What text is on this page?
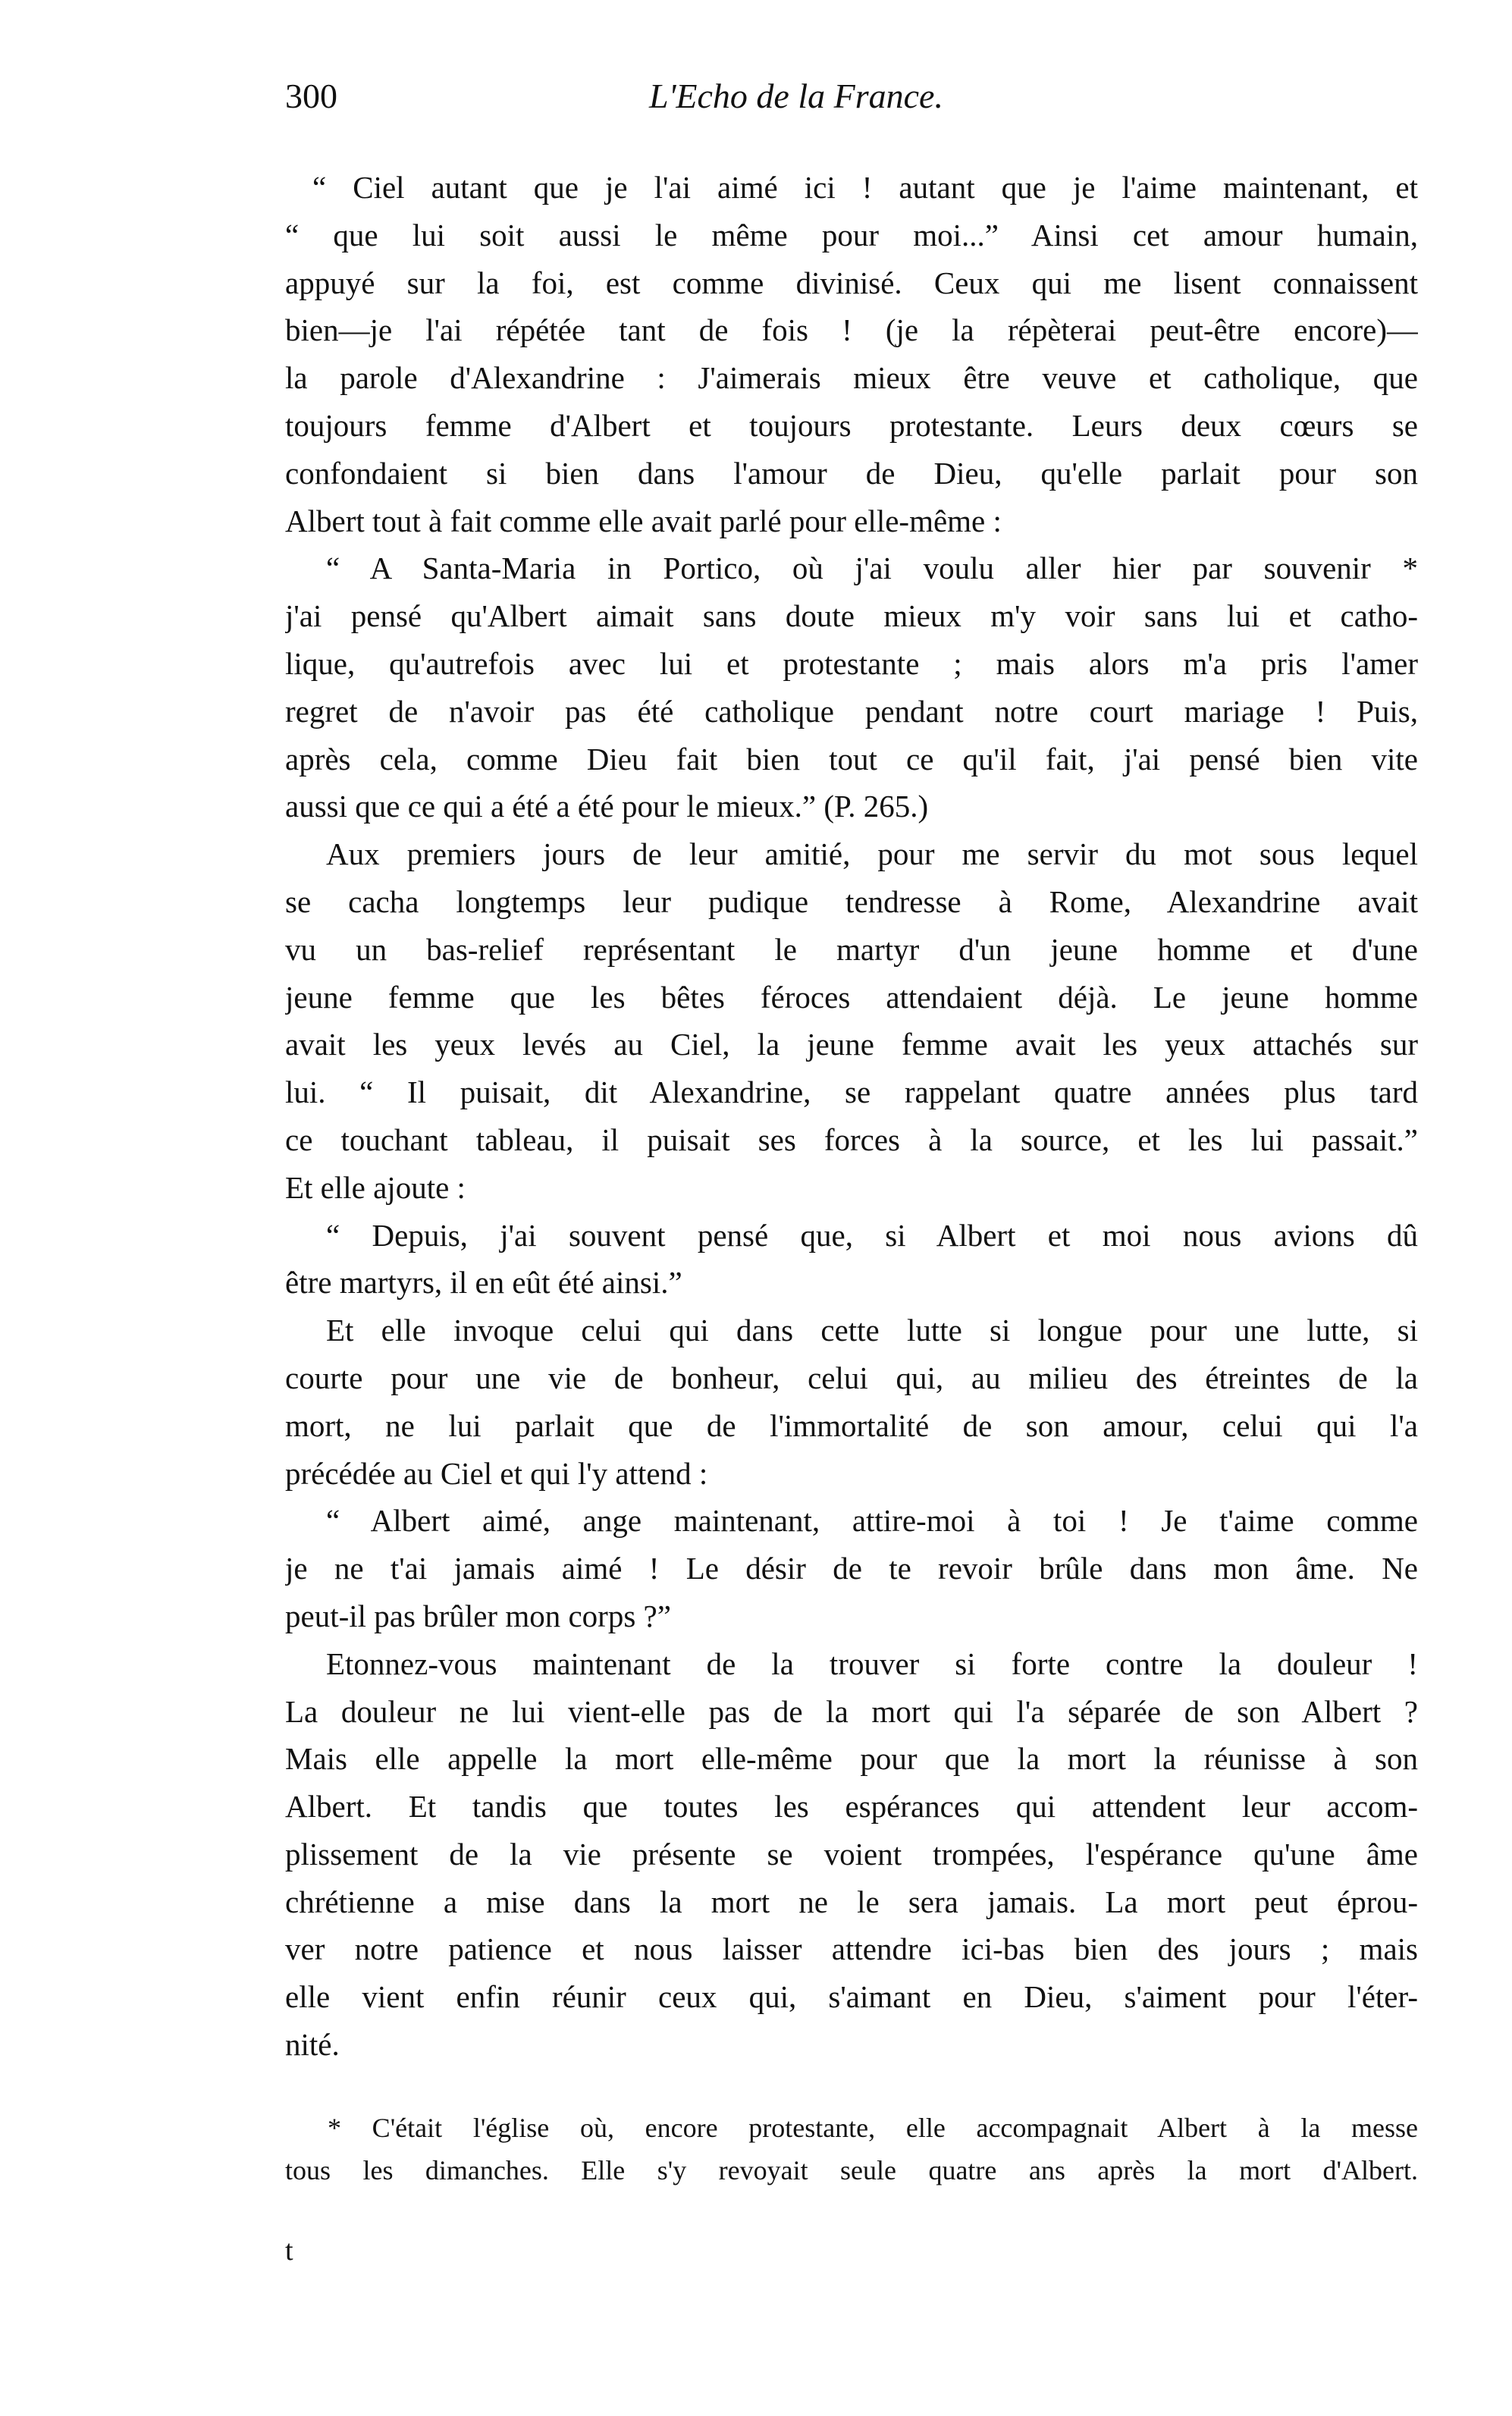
300	L'Echo de la France.
“ Ciel autant que je l'ai aimé ici ! autant que je l'aime maintenant, et
“ que lui soit aussi le même pour moi...” Ainsi cet amour humain,
appuyé sur la foi, est comme divinisé. Ceux qui me lisent connaissent
bien—je l'ai répétée tant de fois ! (je la répèterai peut-être encore)—
la parole d'Alexandrine : J'aimerais mieux être veuve et catholique, que
toujours femme d'Albert et toujours protestante. Leurs deux cœurs se
confondaient si bien dans l'amour de Dieu, qu'elle parlait pour son
Albert tout à fait comme elle avait parlé pour elle-même :
“ A Santa-Maria in Portico, où j'ai voulu aller hier par souvenir *
j'ai pensé qu'Albert aimait sans doute mieux m'y voir sans lui et catho-
lique, qu'autrefois avec lui et protestante ; mais alors m'a pris l'amer
regret de n'avoir pas été catholique pendant notre court mariage ! Puis,
après cela, comme Dieu fait bien tout ce qu'il fait, j'ai pensé bien vite
aussi que ce qui a été a été pour le mieux.” (P. 265.)
Aux premiers jours de leur amitié, pour me servir du mot sous lequel
se cacha longtemps leur pudique tendresse à Rome, Alexandrine avait
vu un bas-relief représentant le martyr d'un jeune homme et d'une
jeune femme que les bêtes féroces attendaient déjà. Le jeune homme
avait les yeux levés au Ciel, la jeune femme avait les yeux attachés sur
lui. “ Il puisait, dit Alexandrine, se rappelant quatre années plus tard
ce touchant tableau, il puisait ses forces à la source, et les lui passait.”
Et elle ajoute :
“ Depuis, j'ai souvent pensé que, si Albert et moi nous avions dû
être martyrs, il en eût été ainsi.”
Et elle invoque celui qui dans cette lutte si longue pour une lutte, si
courte pour une vie de bonheur, celui qui, au milieu des étreintes de la
mort, ne lui parlait que de l'immortalité de son amour, celui qui l'a
précédée au Ciel et qui l'y attend :
“ Albert aimé, ange maintenant, attire-moi à toi ! Je t'aime comme
je ne t'ai jamais aimé ! Le désir de te revoir brûle dans mon âme. Ne
peut-il pas brûler mon corps ?”
Etonnez-vous maintenant de la trouver si forte contre la douleur !
La douleur ne lui vient-elle pas de la mort qui l'a séparée de son Albert ?
Mais elle appelle la mort elle-même pour que la mort la réunisse à son
Albert. Et tandis que toutes les espérances qui attendent leur accom-
plissement de la vie présente se voient trompées, l'espérance qu'une âme
chrétienne a mise dans la mort ne le sera jamais. La mort peut éprou-
ver notre patience et nous laisser attendre ici-bas bien des jours ; mais
elle vient enfin réunir ceux qui, s'aimant en Dieu, s'aiment pour l'éter-
nité.
* C'était l'église où, encore protestante, elle accompagnait Albert à la messe
tous les dimanches. Elle s'y revoyait seule quatre ans après la mort d'Albert.
t
